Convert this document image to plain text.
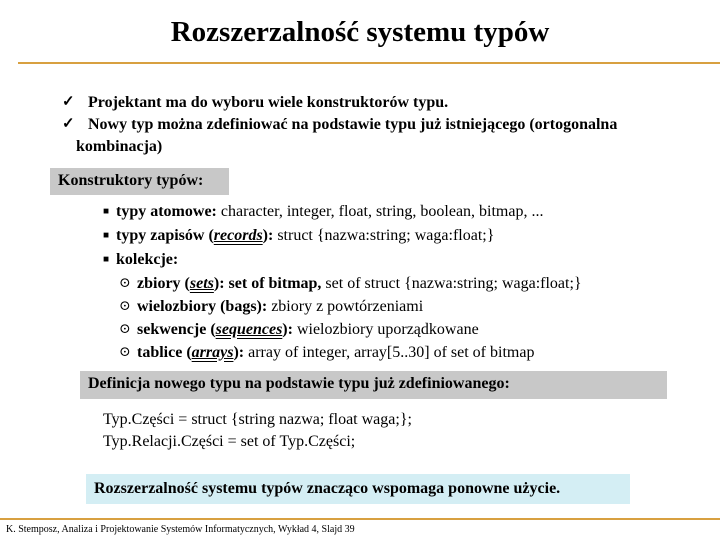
Rozszerzalność systemu typów
✓ Projektant ma do wyboru wiele konstruktorów typu.
✓ Nowy typ można zdefiniować na podstawie typu już istniejącego (ortogonalna
kombinacja)
Konstruktory typów:
■ typy atomowe: character, integer, float, string, boolean, bitmap, ...
■ typy zapisów (records): struct {nazwa:string; waga:float;}
■ kolekcje:
⊙ zbiory (sets): set of bitmap, set of struct {nazwa:string; waga:float;}
⊙ wielozbiory (bags): zbiory z powtórzeniami
⊙ sekwencje (sequences): wielozbiory uporządkowane
⊙ tablice (arrays): array of integer, array[5..30] of set of bitmap
Definicja nowego typu na podstawie typu już zdefiniowanego:
Typ.Części = struct {string nazwa; float waga;};
Typ.Relacji.Części = set of Typ.Części;
Rozszerzalność systemu typów znacząco wspomaga ponowne użycie.
K. Stemposz, Analiza i Projektowanie Systemów Informatycznych, Wykład 4, Slajd 39
